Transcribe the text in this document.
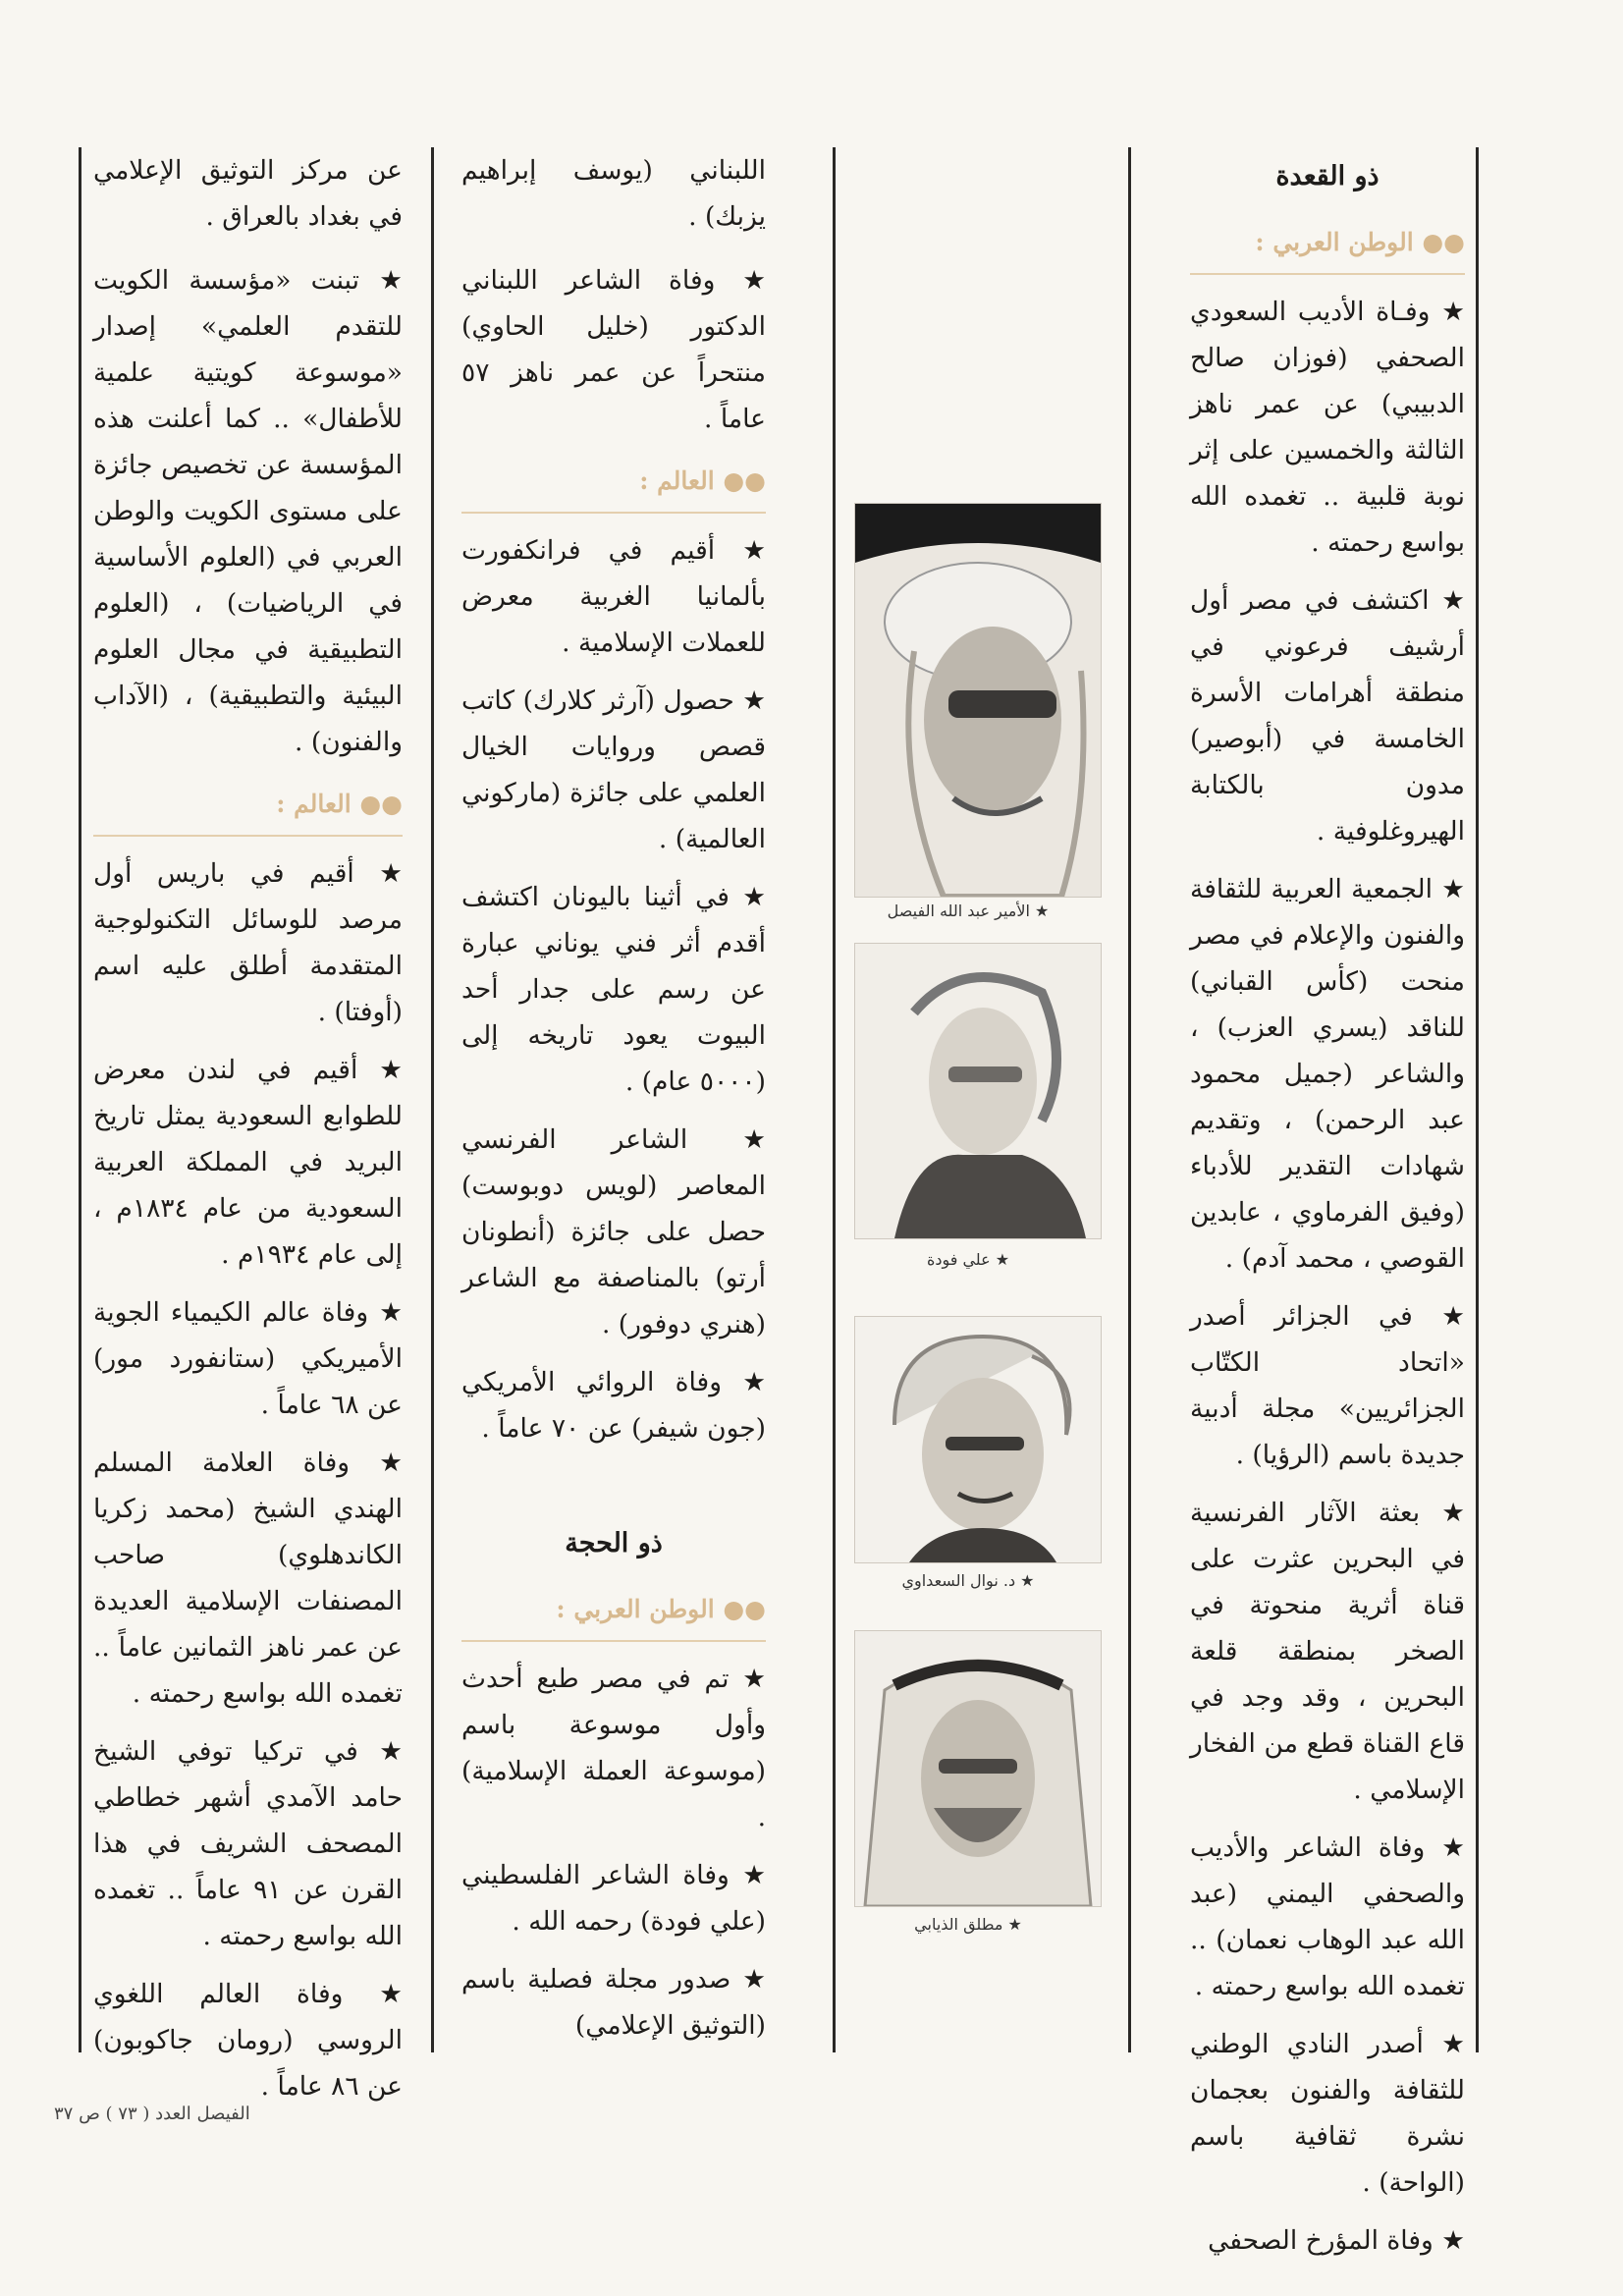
ذو القعدة
●● الوطن العربي :

★ وفـاة الأديب السعودي الصحفي (فوزان صالح الدبيبي) عن عمر ناهز الثالثة والخمسين على إثر نوبة قلبية .. تغمده الله بواسع رحمته .

★ اكتشف في مصر أول أرشيف فرعوني في منطقة أهرامات الأسرة الخامسة في (أبوصير) مدون بالكتابة الهيروغلوفية .

★ الجمعية العربية للثقافة والفنون والإعلام في مصر منحت (كأس القباني) للناقد (يسري العزب) ، والشاعر (جميل محمود عبد الرحمن) ، وتقديم شهادات التقدير للأدباء (وفيق الفرماوي ، عابدين القوصي ، محمد آدم) .

★ في الجزائر أصدر «اتحاد الكتّاب الجزائريين» مجلة أدبية جديدة باسم (الرؤيا) .

★ بعثة الآثار الفرنسية في البحرين عثرت على قناة أثرية منحوتة في الصخر بمنطقة قلعة البحرين ، وقد وجد في قاع القناة قطع من الفخار الإسلامي .

★ وفاة الشاعر والأديب والصحفي اليمني (عبد الله عبد الوهاب نعمان) .. تغمده الله بواسع رحمته .

★ أصدر النادي الوطني للثقافة والفنون بعجمان نشرة ثقافية باسم (الواحة) .

★ وفاة المؤرخ الصحفي

★ الأمير عبد الله الفيصل
★ علي فودة
★ د. نوال السعداوي
★ مطلق الذيابي

اللبناني (يوسف إبراهيم يزبك) .

★ وفاة الشاعر اللبناني الدكتور (خليل الحاوي) منتحراً عن عمر ناهز ٥٧ عاماً .

●● العالم :

★ أقيم في فرانكفورت بألمانيا الغربية معرض للعملات الإسلامية .

★ حصول (آرثر كلارك) كاتب قصص وروايات الخيال العلمي على جائزة (ماركوني العالمية) .

★ في أثينا باليونان اكتشف أقدم أثر فني يوناني عبارة عن رسم على جدار أحد البيوت يعود تاريخه إلى (٥٠٠٠ عام) .

★ الشاعر الفرنسي المعاصر (لويس دوبوست) حصل على جائزة (أنطونان أرتو) بالمناصفة مع الشاعر (هنري دوفور) .

★ وفاة الروائي الأمريكي (جون شيفر) عن ٧٠ عاماً .

ذو الحجة
●● الوطن العربي :

★ تم في مصر طبع أحدث وأول موسوعة باسم (موسوعة العملة الإسلامية) .

★ وفاة الشاعر الفلسطيني (علي فودة) رحمه الله .

★ صدور مجلة فصلية باسم (التوثيق الإعلامي)

عن مركز التوثيق الإعلامي في بغداد بالعراق .

★ تبنت «مؤسسة الكويت للتقدم العلمي» إصدار «موسوعة كويتية علمية للأطفال» .. كما أعلنت هذه المؤسسة عن تخصيص جائزة على مستوى الكويت والوطن العربي في (العلوم الأساسية في الرياضيات) ، (العلوم التطبيقية في مجال العلوم البيئية والتطبيقية) ، (الآداب والفنون) .

●● العالم :

★ أقيم في باريس أول مرصد للوسائل التكنولوجية المتقدمة أطلق عليه اسم (أوفتا) .

★ أقيم في لندن معرض للطوابع السعودية يمثل تاريخ البريد في المملكة العربية السعودية من عام ١٨٣٤م ، إلى عام ١٩٣٤م .

★ وفاة عالم الكيمياء الجوية الأميريكي (ستانفورد مور) عن ٦٨ عاماً .

★ وفاة العلامة المسلم الهندي الشيخ (محمد زكريا الكاندهلوي) صاحب المصنفات الإسلامية العديدة عن عمر ناهز الثمانين عاماً .. تغمده الله بواسع رحمته .

★ في تركيا توفي الشيخ حامد الآمدي أشهر خطاطي المصحف الشريف في هذا القرن عن ٩١ عاماً .. تغمده الله بواسع رحمته .

★ وفاة العالم اللغوي الروسي (رومان جاكوبون) عن ٨٦ عاماً .

الفيصل العدد ( ٧٣ ) ص ٣٧
